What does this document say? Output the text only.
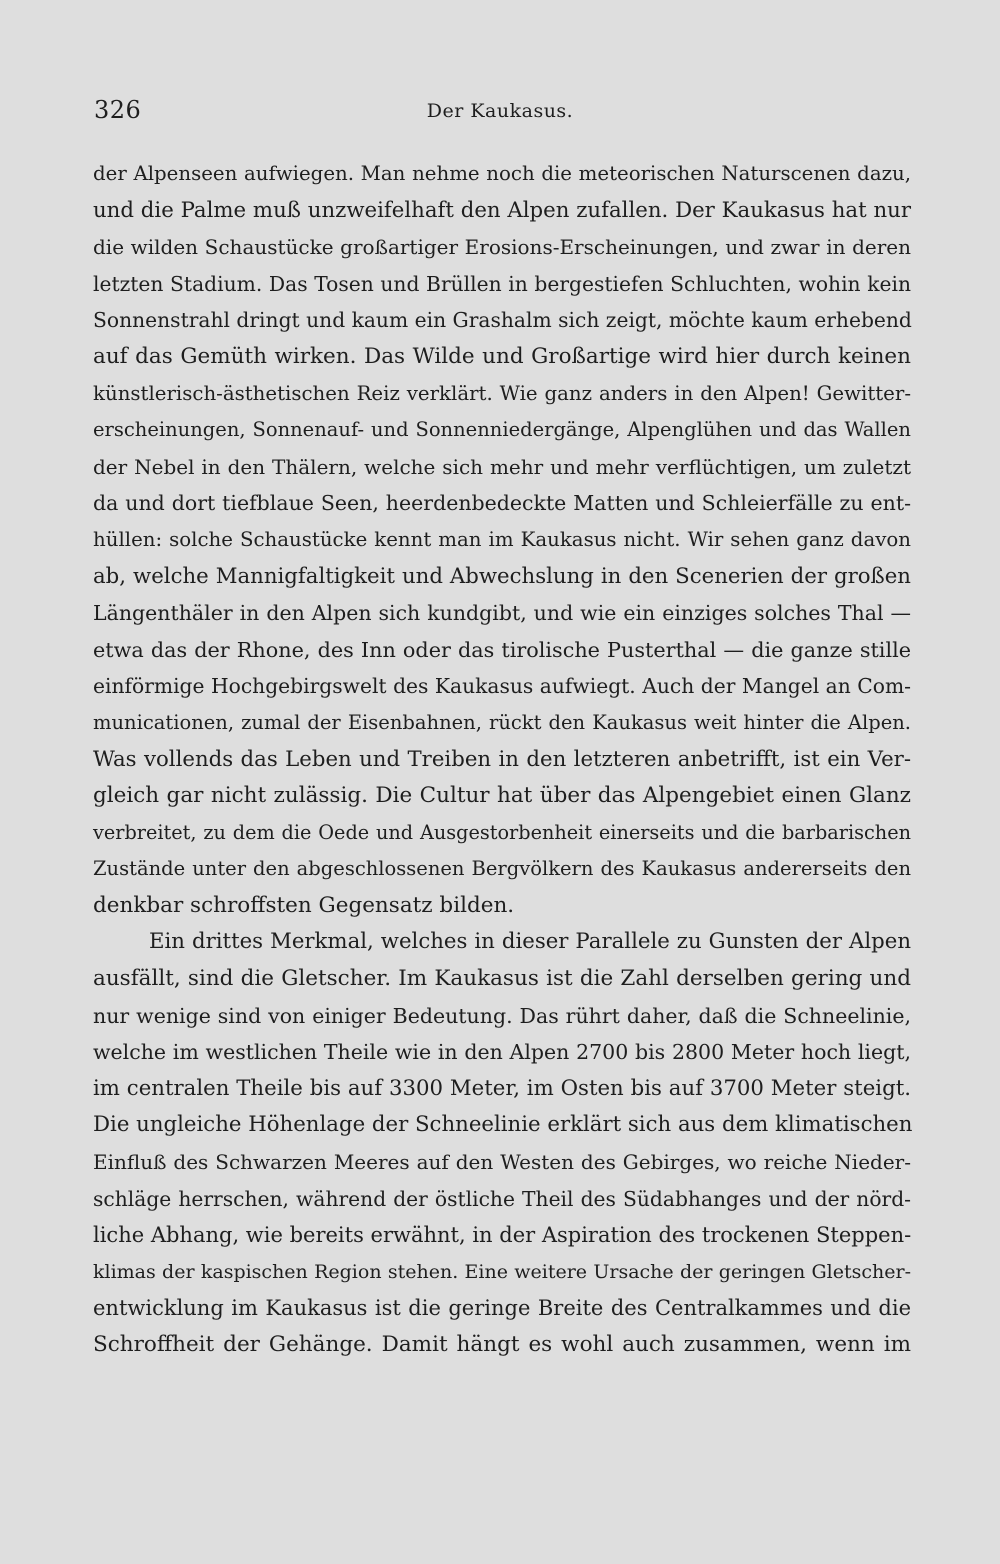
326	Der Kaukasus.
der Alpenseen aufwiegen. Man nehme noch die meteorischen Naturscenen dazu,
und die Palme muß unzweifelhaft den Alpen zufallen. Der Kaukasus hat nur
die wilden Schaustücke großartiger Erosions-Erscheinungen, und zwar in deren
letzten Stadium. Das Tosen und Brüllen in bergestiefen Schluchten, wohin kein
Sonnenstrahl dringt und kaum ein Grashalm sich zeigt, möchte kaum erhebend
auf das Gemüth wirken. Das Wilde und Großartige wird hier durch keinen
künstlerisch-ästhetischen Reiz verklärt. Wie ganz anders in den Alpen! Gewitter-
erscheinungen, Sonnenauf- und Sonnenniedergänge, Alpenglühen und das Wallen
der Nebel in den Thälern, welche sich mehr und mehr verflüchtigen, um zuletzt
da und dort tiefblaue Seen, heerdenbedeckte Matten und Schleierfälle zu ent-
hüllen: solche Schaustücke kennt man im Kaukasus nicht. Wir sehen ganz davon
ab, welche Mannigfaltigkeit und Abwechslung in den Scenerien der großen
Längenthäler in den Alpen sich kundgibt, und wie ein einziges solches Thal —
etwa das der Rhone, des Inn oder das tirolische Pusterthal — die ganze stille
einförmige Hochgebirgswelt des Kaukasus aufwiegt. Auch der Mangel an Com-
municationen, zumal der Eisenbahnen, rückt den Kaukasus weit hinter die Alpen.
Was vollends das Leben und Treiben in den letzteren anbetrifft, ist ein Ver-
gleich gar nicht zulässig. Die Cultur hat über das Alpengebiet einen Glanz
verbreitet, zu dem die Oede und Ausgestorbenheit einerseits und die barbarischen
Zustände unter den abgeschlossenen Bergvölkern des Kaukasus andererseits den
denkbar schroffsten Gegensatz bilden.
Ein drittes Merkmal, welches in dieser Parallele zu Gunsten der Alpen
ausfällt, sind die Gletscher. Im Kaukasus ist die Zahl derselben gering und
nur wenige sind von einiger Bedeutung. Das rührt daher, daß die Schneelinie,
welche im westlichen Theile wie in den Alpen 2700 bis 2800 Meter hoch liegt,
im centralen Theile bis auf 3300 Meter, im Osten bis auf 3700 Meter steigt.
Die ungleiche Höhenlage der Schneelinie erklärt sich aus dem klimatischen
Einfluß des Schwarzen Meeres auf den Westen des Gebirges, wo reiche Nieder-
schläge herrschen, während der östliche Theil des Südabhanges und der nörd-
liche Abhang, wie bereits erwähnt, in der Aspiration des trockenen Steppen-
klimas der kaspischen Region stehen. Eine weitere Ursache der geringen Gletscher-
entwicklung im Kaukasus ist die geringe Breite des Centralkammes und die
Schroffheit der Gehänge. Damit hängt es wohl auch zusammen, wenn im
